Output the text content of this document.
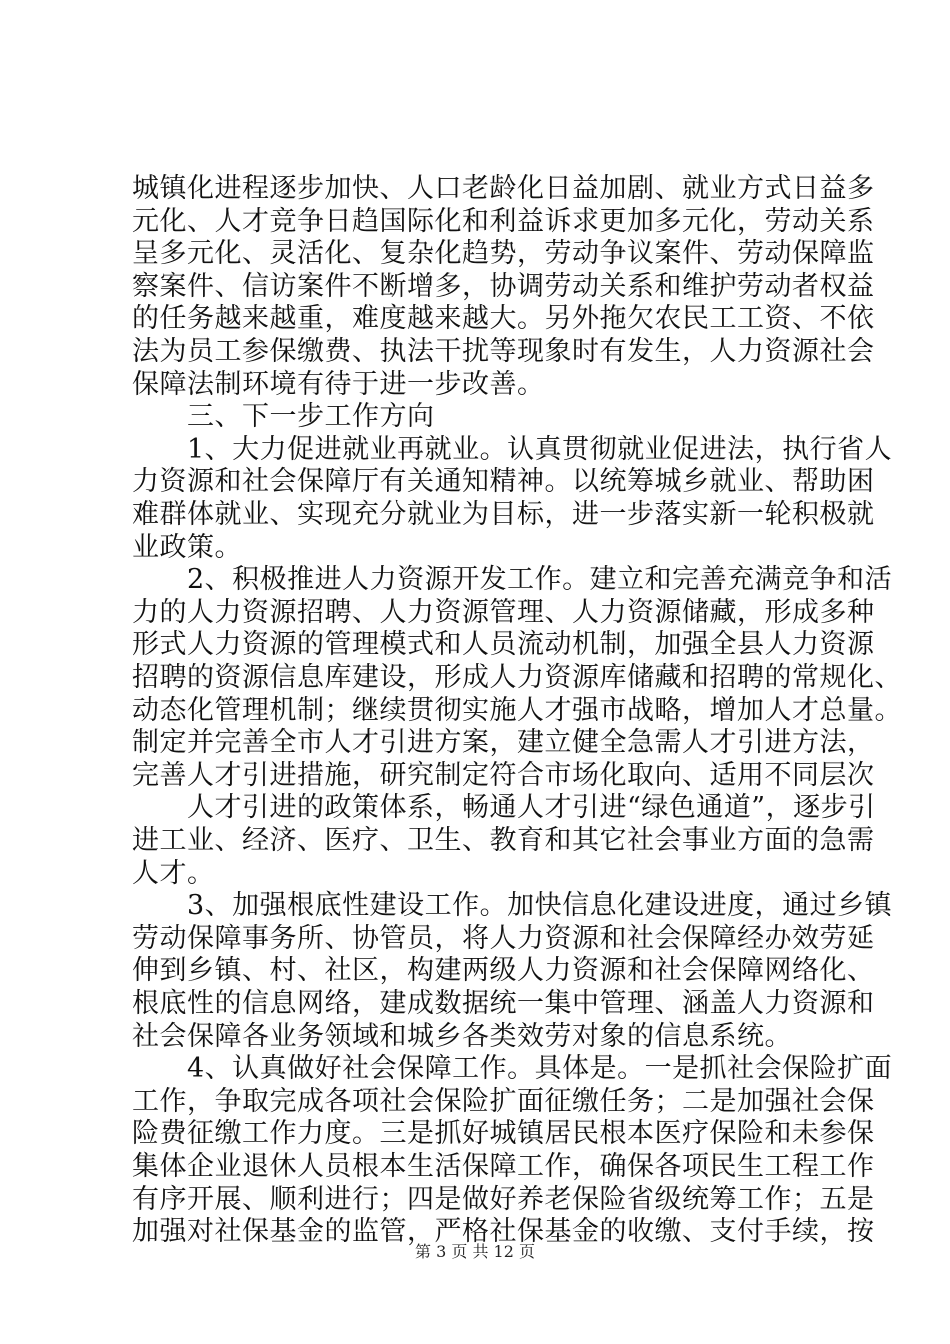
城镇化进程逐步加快、人口老龄化日益加剧、就业方式日益多
元化、人才竞争日趋国际化和利益诉求更加多元化，劳动关系
呈多元化、灵活化、复杂化趋势，劳动争议案件、劳动保障监
察案件、信访案件不断增多，协调劳动关系和维护劳动者权益
的任务越来越重，难度越来越大。另外拖欠农民工工资、不依
法为员工参保缴费、执法干扰等现象时有发生，人力资源社会
保障法制环境有待于进一步改善。
　　三、下一步工作方向
　　1、大力促进就业再就业。认真贯彻就业促进法，执行省人
力资源和社会保障厅有关通知精神。以统筹城乡就业、帮助困
难群体就业、实现充分就业为目标，进一步落实新一轮积极就
业政策。
　　2、积极推进人力资源开发工作。建立和完善充满竞争和活
力的人力资源招聘、人力资源管理、人力资源储藏，形成多种
形式人力资源的管理模式和人员流动机制，加强全县人力资源
招聘的资源信息库建设，形成人力资源库储藏和招聘的常规化、
动态化管理机制；继续贯彻实施人才强市战略，增加人才总量。
制定并完善全市人才引进方案，建立健全急需人才引进方法，
完善人才引进措施，研究制定符合市场化取向、适用不同层次
　　人才引进的政策体系，畅通人才引进“绿色通道”，逐步引
进工业、经济、医疗、卫生、教育和其它社会事业方面的急需
人才。
　　3、加强根底性建设工作。加快信息化建设进度，通过乡镇
劳动保障事务所、协管员，将人力资源和社会保障经办效劳延
伸到乡镇、村、社区，构建两级人力资源和社会保障网络化、
根底性的信息网络，建成数据统一集中管理、涵盖人力资源和
社会保障各业务领域和城乡各类效劳对象的信息系统。
　　4、认真做好社会保障工作。具体是。一是抓社会保险扩面
工作，争取完成各项社会保险扩面征缴任务；二是加强社会保
险费征缴工作力度。三是抓好城镇居民根本医疗保险和未参保
集体企业退休人员根本生活保障工作，确保各项民生工程工作
有序开展、顺利进行；四是做好养老保险省级统筹工作；五是
加强对社保基金的监管，严格社保基金的收缴、支付手续，按
第 3 页 共 12 页
